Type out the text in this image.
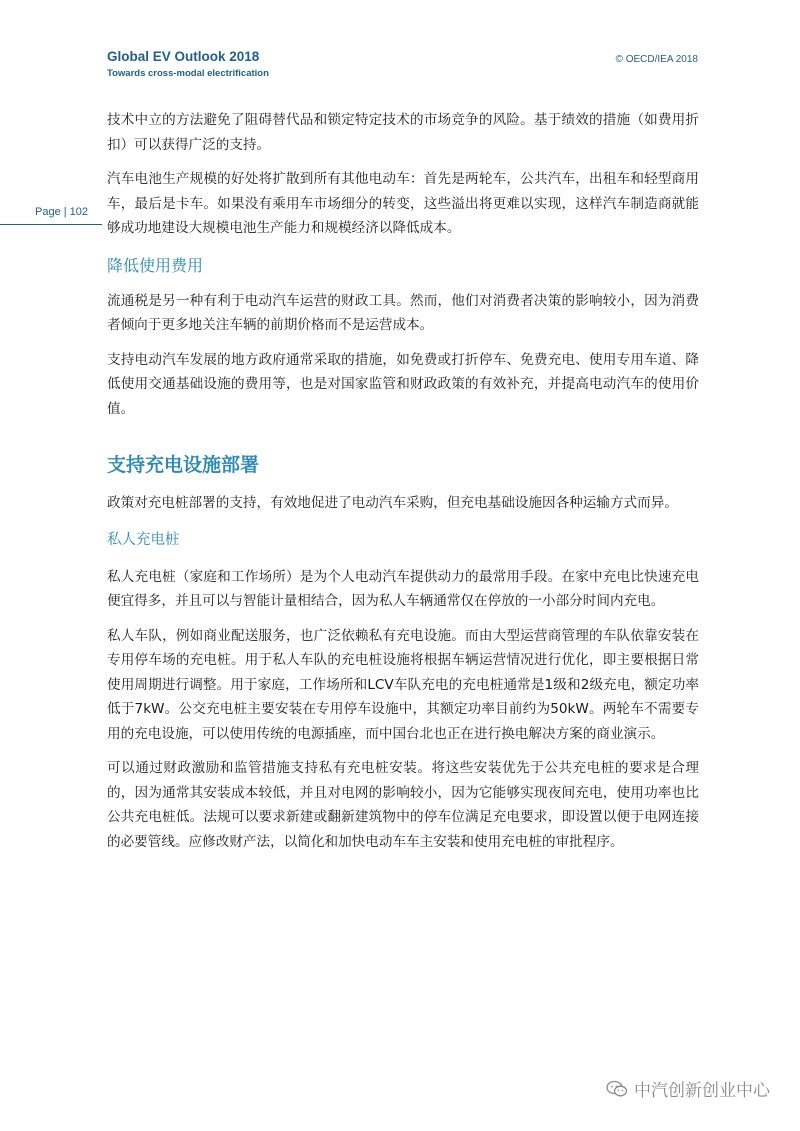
Global EV Outlook 2018
Towards cross-modal electrification
© OECD/IEA 2018
Page | 102

技术中立的方法避免了阻碍替代品和锁定特定技术的市场竞争的风险。基于绩效的措施（如费用折扣）可以获得广泛的支持。

汽车电池生产规模的好处将扩散到所有其他电动车：首先是两轮车，公共汽车，出租车和轻型商用车，最后是卡车。如果没有乘用车市场细分的转变，这些溢出将更难以实现，这样汽车制造商就能够成功地建设大规模电池生产能力和规模经济以降低成本。

降低使用费用

流通税是另一种有利于电动汽车运营的财政工具。然而，他们对消费者决策的影响较小，因为消费者倾向于更多地关注车辆的前期价格而不是运营成本。

支持电动汽车发展的地方政府通常采取的措施，如免费或打折停车、免费充电、使用专用车道、降低使用交通基础设施的费用等，也是对国家监管和财政政策的有效补充，并提高电动汽车的使用价值。

支持充电设施部署

政策对充电桩部署的支持，有效地促进了电动汽车采购，但充电基础设施因各种运输方式而异。

私人充电桩

私人充电桩（家庭和工作场所）是为个人电动汽车提供动力的最常用手段。在家中充电比快速充电便宜得多，并且可以与智能计量相结合，因为私人车辆通常仅在停放的一小部分时间内充电。

私人车队，例如商业配送服务，也广泛依赖私有充电设施。而由大型运营商管理的车队依靠安装在专用停车场的充电桩。用于私人车队的充电桩设施将根据车辆运营情况进行优化，即主要根据日常使用周期进行调整。用于家庭，工作场所和LCV车队充电的充电桩通常是1级和2级充电，额定功率低于7kW。公交充电桩主要安装在专用停车设施中，其额定功率目前约为50kW。两轮车不需要专用的充电设施，可以使用传统的电源插座，而中国台北也正在进行换电解决方案的商业演示。

可以通过财政激励和监管措施支持私有充电桩安装。将这些安装优先于公共充电桩的要求是合理的，因为通常其安装成本较低，并且对电网的影响较小，因为它能够实现夜间充电，使用功率也比公共充电桩低。法规可以要求新建或翻新建筑物中的停车位满足充电要求，即设置以便于电网连接的必要管线。应修改财产法，以简化和加快电动车车主安装和使用充电桩的审批程序。

中汽创新创业中心
